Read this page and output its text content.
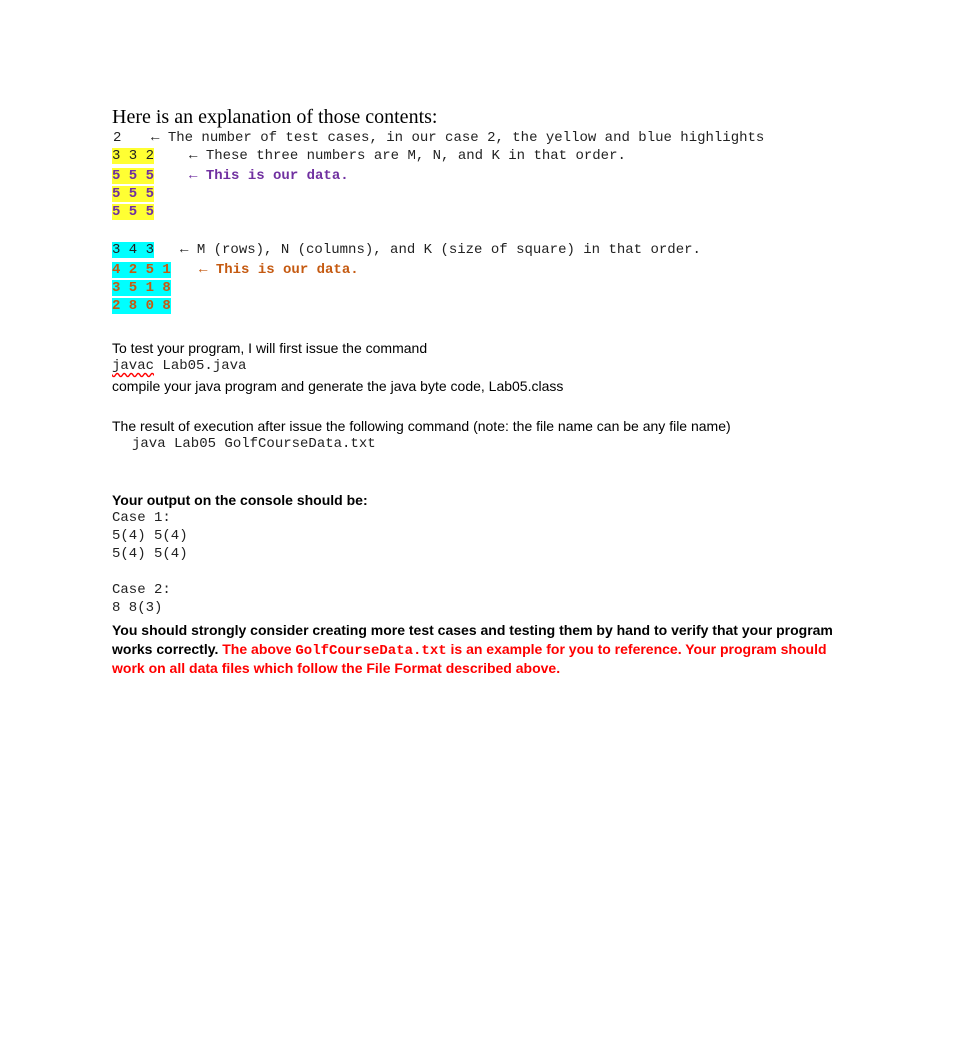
Here is an explanation of those contents:
2 ← The number of test cases, in our case 2, the yellow and blue highlights
3 3 2 ← These three numbers are M, N, and K in that order.
5 5 5 ← This is our data.
5 5 5
5 5 5
3 4 3 ← M (rows), N (columns), and K (size of square) in that order.
4 2 5 1 ← This is our data.
3 5 1 8
2 8 0 8
To test your program, I will first issue the command
javac Lab05.java
compile your java program and generate the java byte code, Lab05.class
The result of execution after issue the following command (note: the file name can be any file name)
java Lab05 GolfCourseData.txt
Your output on the console should be:
Case 1:
5(4) 5(4)
5(4) 5(4)
Case 2:
8 8(3)
You should strongly consider creating more test cases and testing them by hand to verify that your program
works correctly. The above GolfCourseData.txt is an example for you to reference. Your program should
work on all data files which follow the File Format described above.
